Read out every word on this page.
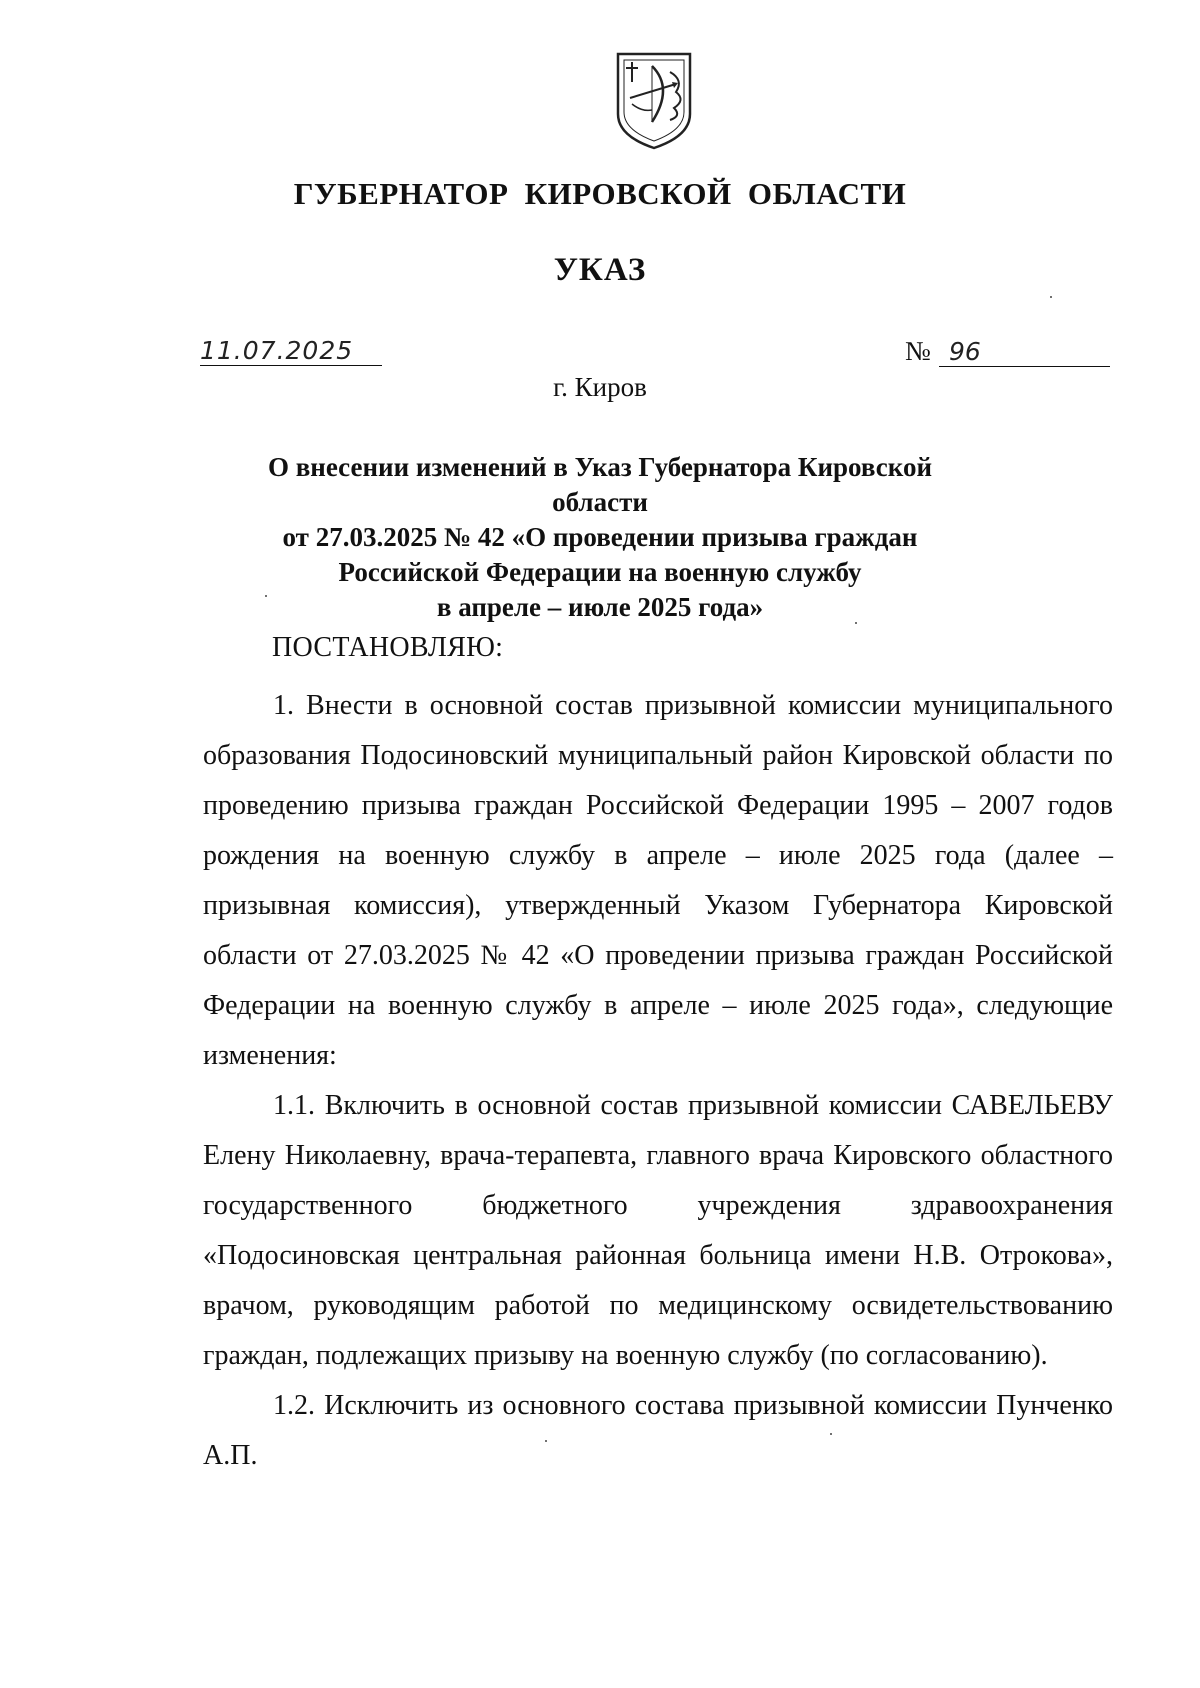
ГУБЕРНАТОР КИРОВСКОЙ ОБЛАСТИ
УКАЗ
11.07.2025	№ 96
г. Киров
О внесении изменений в Указ Губернатора Кировской области
от 27.03.2025 № 42 «О проведении призыва граждан
Российской Федерации на военную службу
в апреле – июле 2025 года»
ПОСТАНОВЛЯЮ:

1. Внести в основной состав призывной комиссии муниципального образования Подосиновский муниципальный район Кировской области по проведению призыва граждан Российской Федерации 1995 – 2007 годов рождения на военную службу в апреле – июле 2025 года (далее – призывная комиссия), утвержденный Указом Губернатора Кировской области от 27.03.2025 № 42 «О проведении призыва граждан Российской Федерации на военную службу в апреле – июле 2025 года», следующие изменения:

1.1. Включить в основной состав призывной комиссии САВЕЛЬЕВУ Елену Николаевну, врача-терапевта, главного врача Кировского областного государственного бюджетного учреждения здравоохранения «Подосиновская центральная районная больница имени Н.В. Отрокова», врачом, руководящим работой по медицинскому освидетельствованию граждан, подлежащих призыву на военную службу (по согласованию).

1.2. Исключить из основного состава призывной комиссии Пунченко А.П.
